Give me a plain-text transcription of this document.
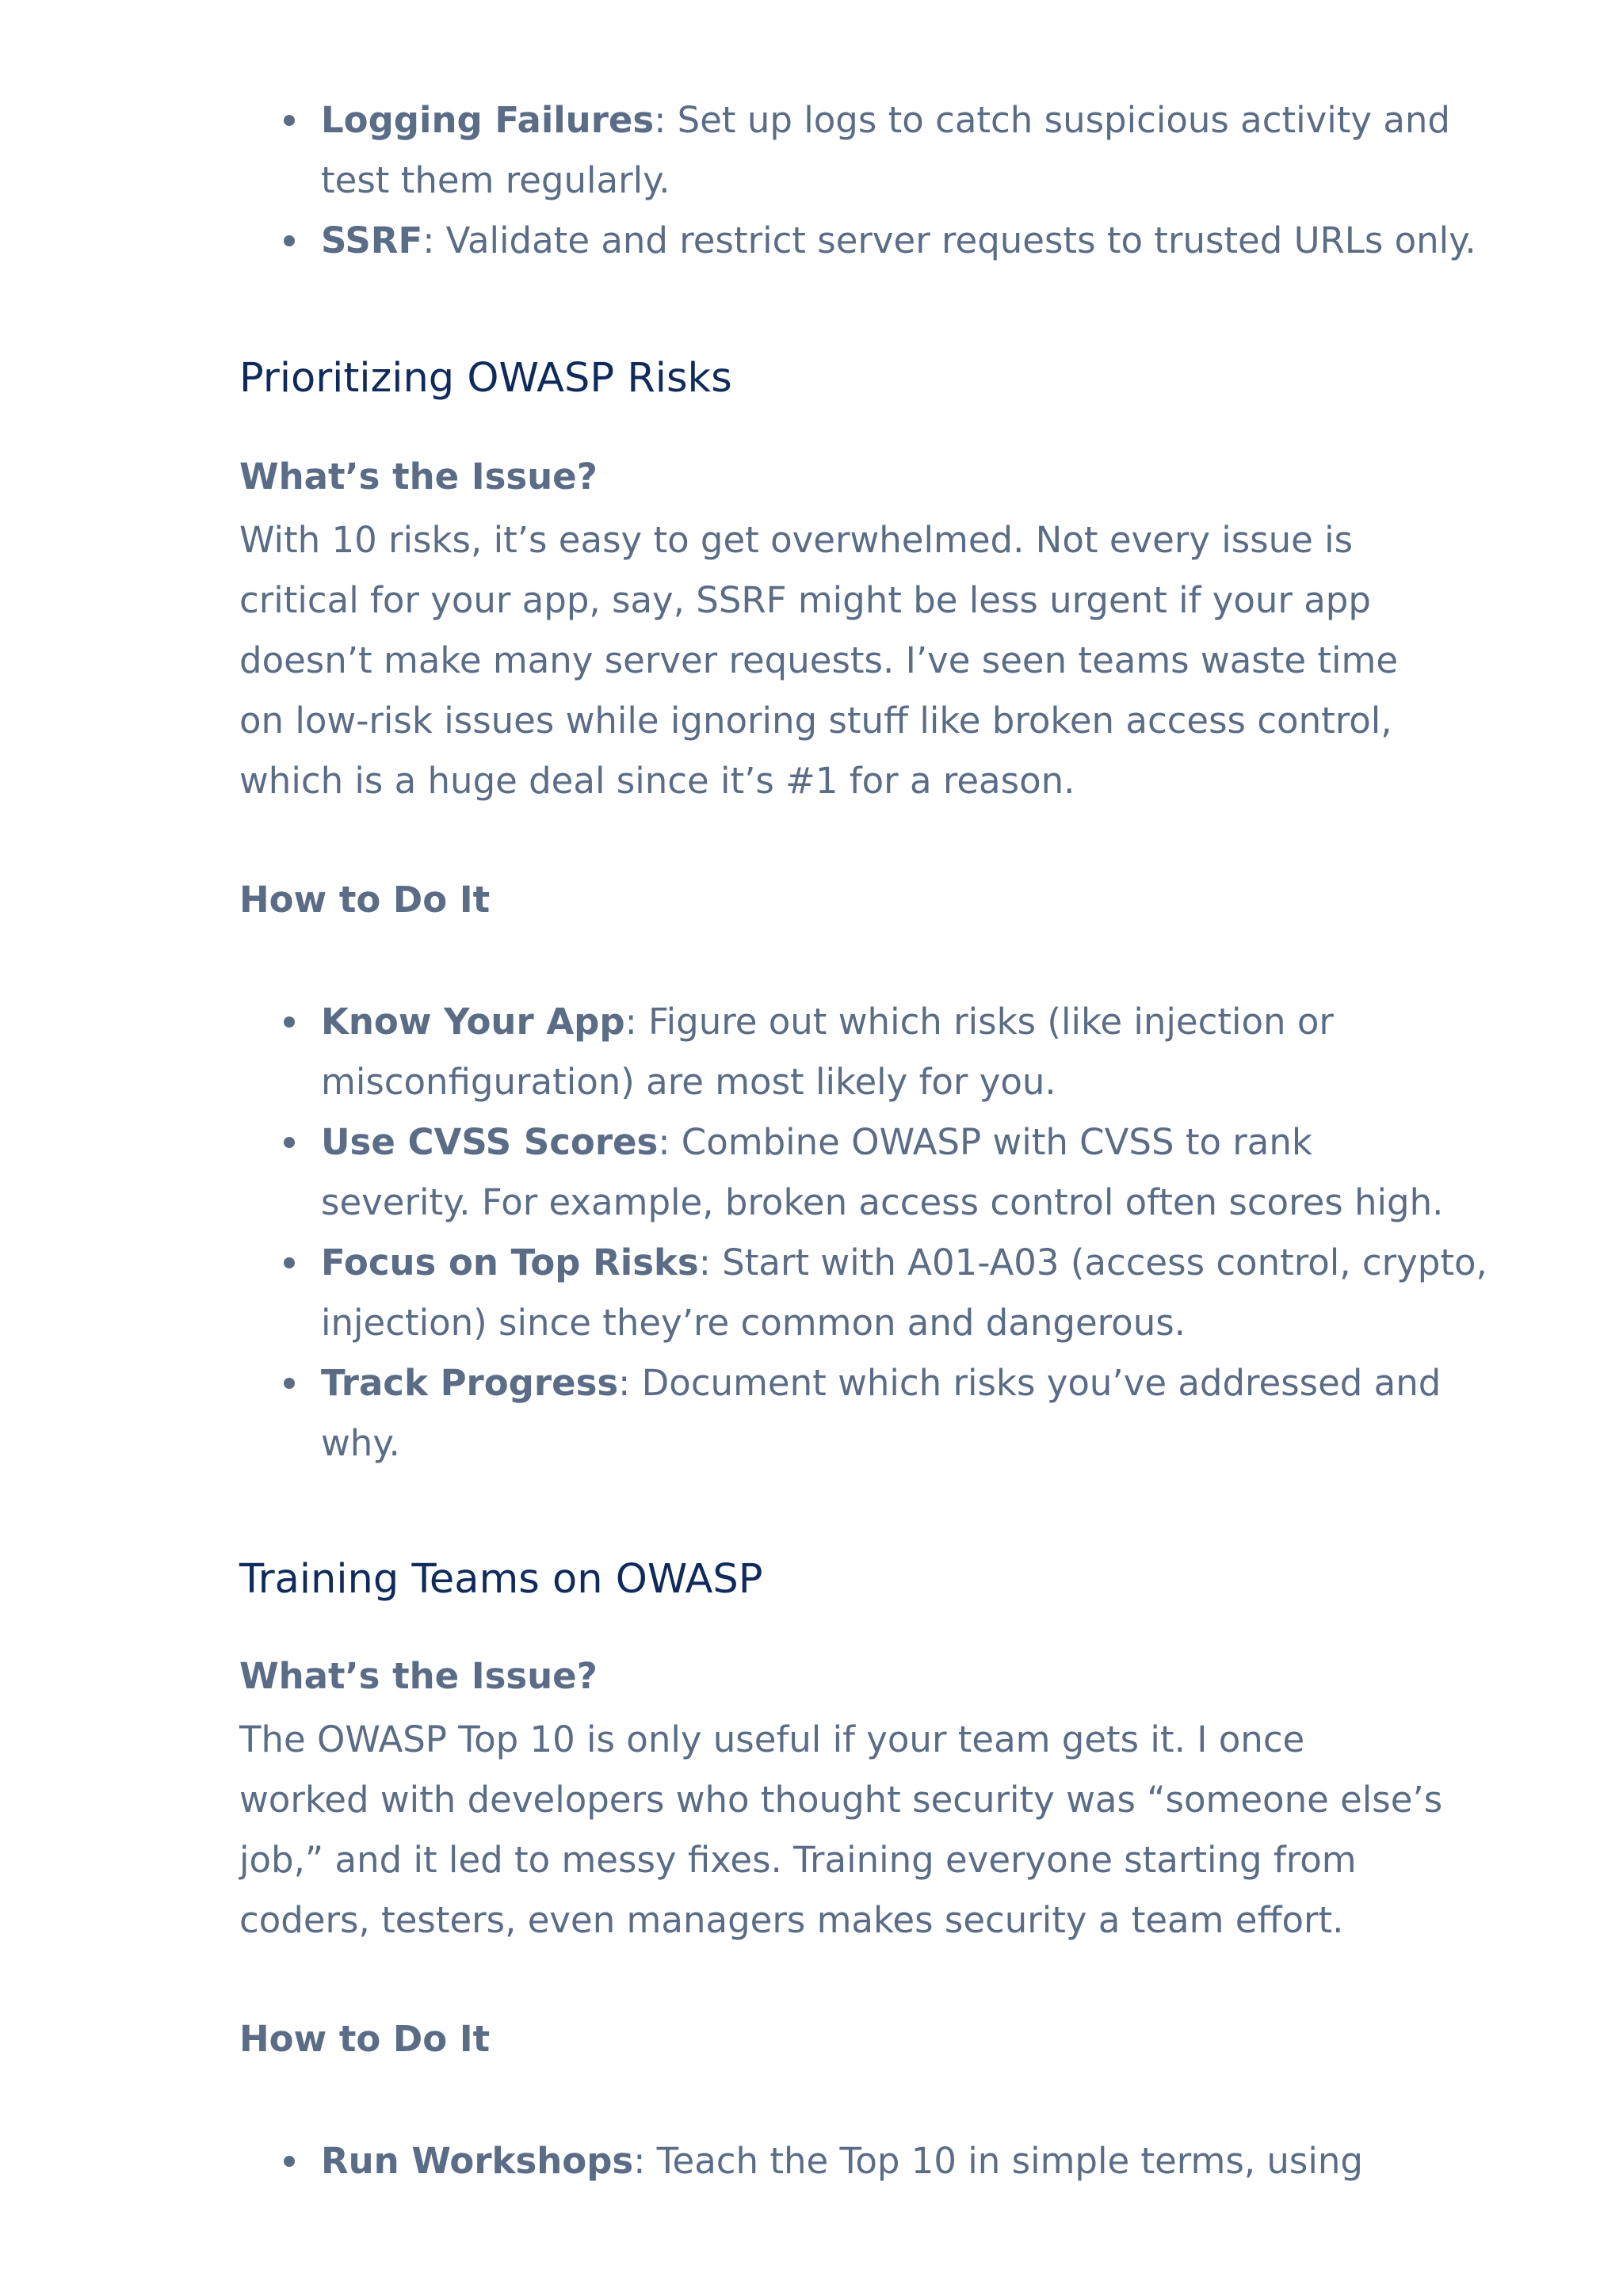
Logging Failures: Set up logs to catch suspicious activity and test them regularly.
SSRF: Validate and restrict server requests to trusted URLs only.
Prioritizing OWASP Risks
What’s the Issue?

With 10 risks, it’s easy to get overwhelmed. Not every issue is critical for your app, say, SSRF might be less urgent if your app doesn’t make many server requests. I’ve seen teams waste time on low-risk issues while ignoring stuff like broken access control, which is a huge deal since it’s #1 for a reason.

How to Do It
Know Your App: Figure out which risks (like injection or misconfiguration) are most likely for you.
Use CVSS Scores: Combine OWASP with CVSS to rank severity. For example, broken access control often scores high.
Focus on Top Risks: Start with A01-A03 (access control, crypto, injection) since they’re common and dangerous.
Track Progress: Document which risks you’ve addressed and why.
Training Teams on OWASP
What’s the Issue?

The OWASP Top 10 is only useful if your team gets it. I once worked with developers who thought security was “someone else’s job,” and it led to messy fixes. Training everyone starting from coders, testers, even managers makes security a team effort.

How to Do It
Run Workshops: Teach the Top 10 in simple terms, using
